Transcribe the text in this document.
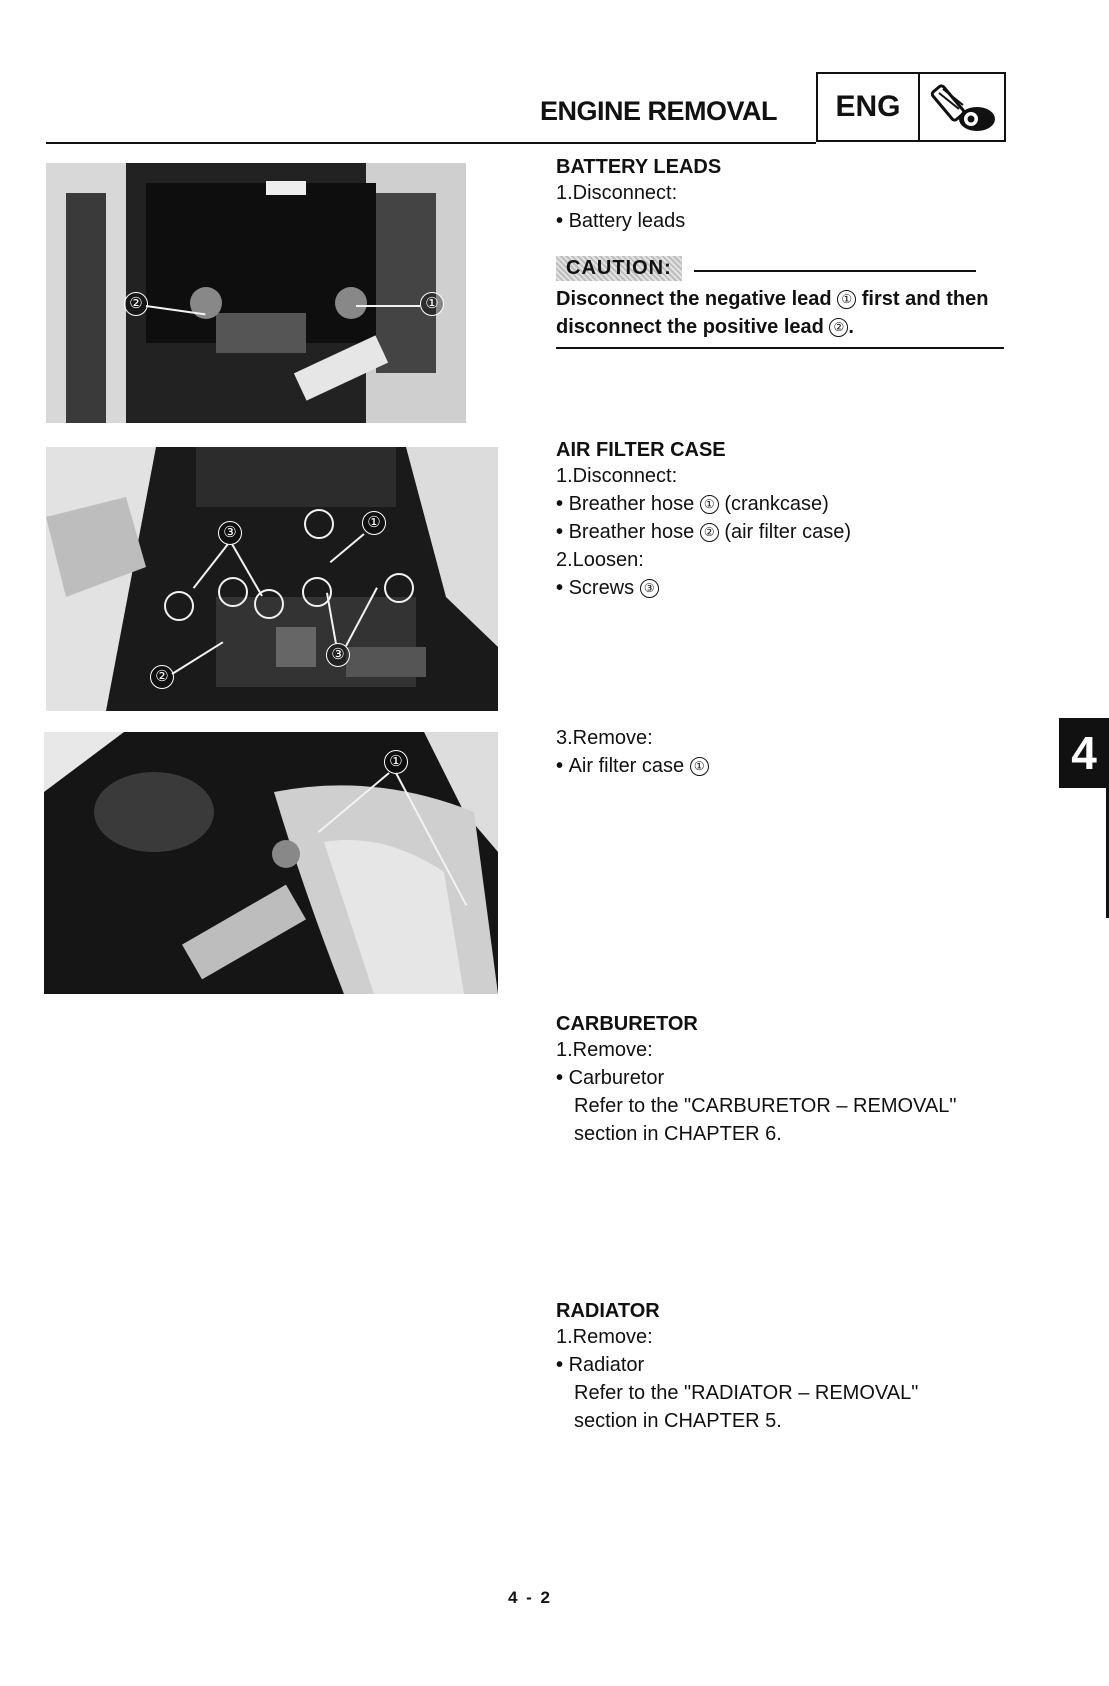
ENGINE REMOVAL	ENG
②	①
③
①
②
③
①
BATTERY LEADS
1.Disconnect:
• Battery leads
CAUTION:
Disconnect the negative lead ① first and then disconnect the positive lead ② .
AIR FILTER CASE
1.Disconnect:
• Breather hose ① (crankcase)
• Breather hose ② (air filter case)
2.Loosen:
• Screws ③
3.Remove:
• Air filter case ①
CARBURETOR
1.Remove:
• Carburetor
Refer to the "CARBURETOR – REMOVAL"
section in CHAPTER 6.
RADIATOR
1.Remove:
• Radiator
Refer to the "RADIATOR – REMOVAL"
section in CHAPTER 5.
4
4 - 2
